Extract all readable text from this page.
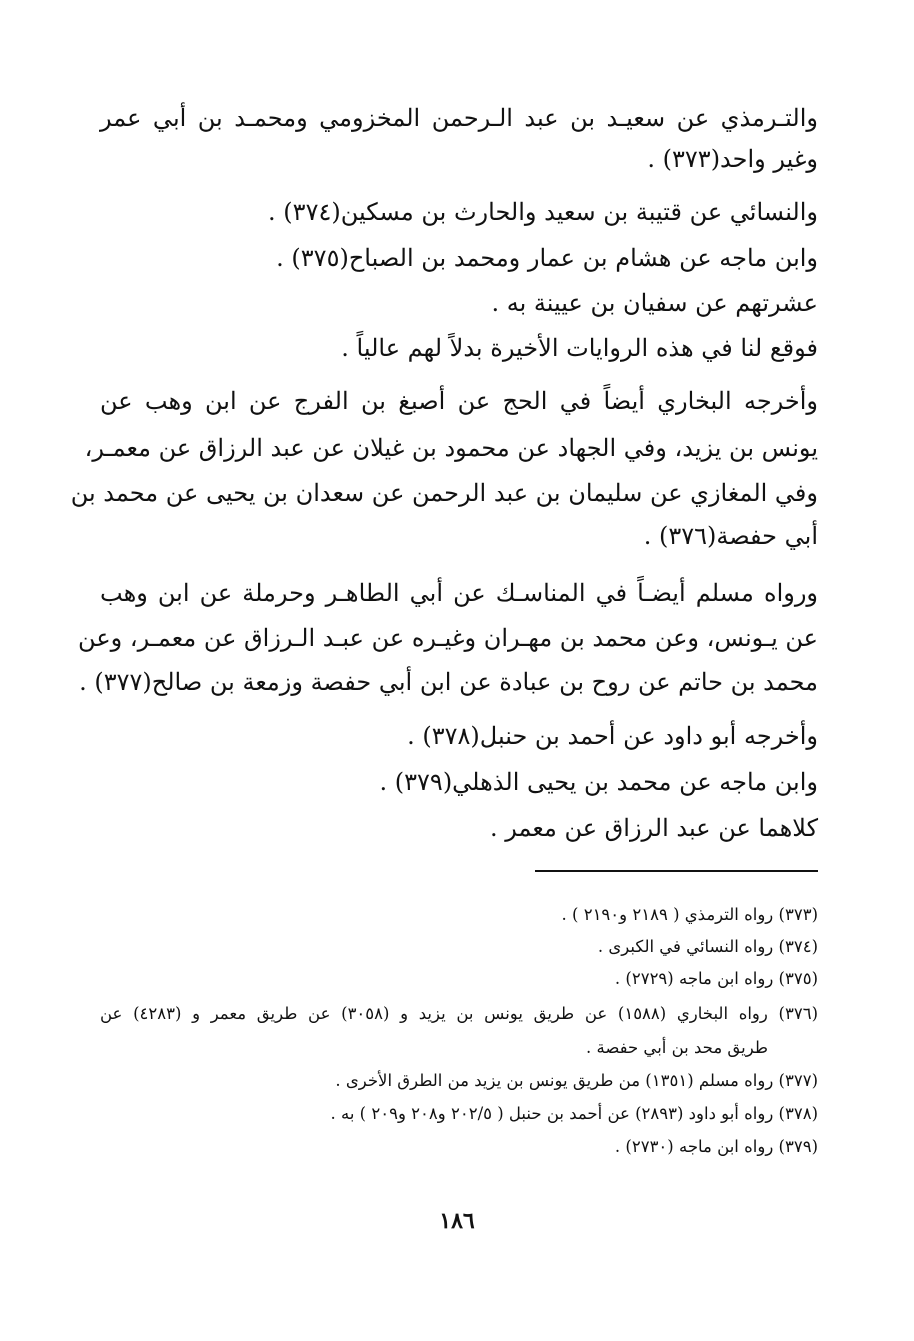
والتـرمذي عن سعيـد بن عبد الـرحمن المخزومي ومحمـد بن أبي عمر
وغير واحد(٣٧٣) .
والنسائي عن قتيبة بن سعيد والحارث بن مسكين(٣٧٤) .
وابن ماجه عن هشام بن عمار ومحمد بن الصباح(٣٧٥) .
عشرتهم عن سفيان بن عيينة به .
فوقع لنا في هذه الروايات الأخيرة بدلاً لهم عالياً .
وأخرجه البخاري أيضاً في الحج عن أصبغ بن الفرج عن ابن وهب عن
يونس بن يزيد، وفي الجهاد عن محمود بن غيلان عن عبد الرزاق عن معمـر،
وفي المغازي عن سليمان بن عبد الرحمن عن سعدان بن يحيى عن محمد بن
أبي حفصة(٣٧٦) .
ورواه مسلم أيضـاً في المناسـك عن أبي الطاهـر وحرملة عن ابن وهب
عن يـونس، وعن محمد بن مهـران وغيـره عن عبـد الـرزاق عن معمـر، وعن
محمد بن حاتم عن روح بن عبادة عن ابن أبي حفصة وزمعة بن صالح(٣٧٧) .
وأخرجه أبو داود عن أحمد بن حنبل(٣٧٨) .
وابن ماجه عن محمد بن يحيى الذهلي(٣٧٩) .
كلاهما عن عبد الرزاق عن معمر .
(٣٧٣) رواه الترمذي ( ٢١٨٩ و٢١٩٠ ) .
(٣٧٤) رواه النسائي في الكبرى .
(٣٧٥) رواه ابن ماجه (٢٧٢٩) .
(٣٧٦) رواه البخاري (١٥٨٨) عن طريق يونس بن يزيد و (٣٠٥٨) عن طريق معمر و (٤٢٨٣) عن
طريق محد بن أبي حفصة .
(٣٧٧) رواه مسلم (١٣٥١) من طريق يونس بن يزيد من الطرق الأخرى .
(٣٧٨) رواه أبو داود (٢٨٩٣) عن أحمد بن حنبل ( ٢٠٢/٥ و٢٠٨ و٢٠٩ ) به .
(٣٧٩) رواه ابن ماجه (٢٧٣٠) .
١٨٦
